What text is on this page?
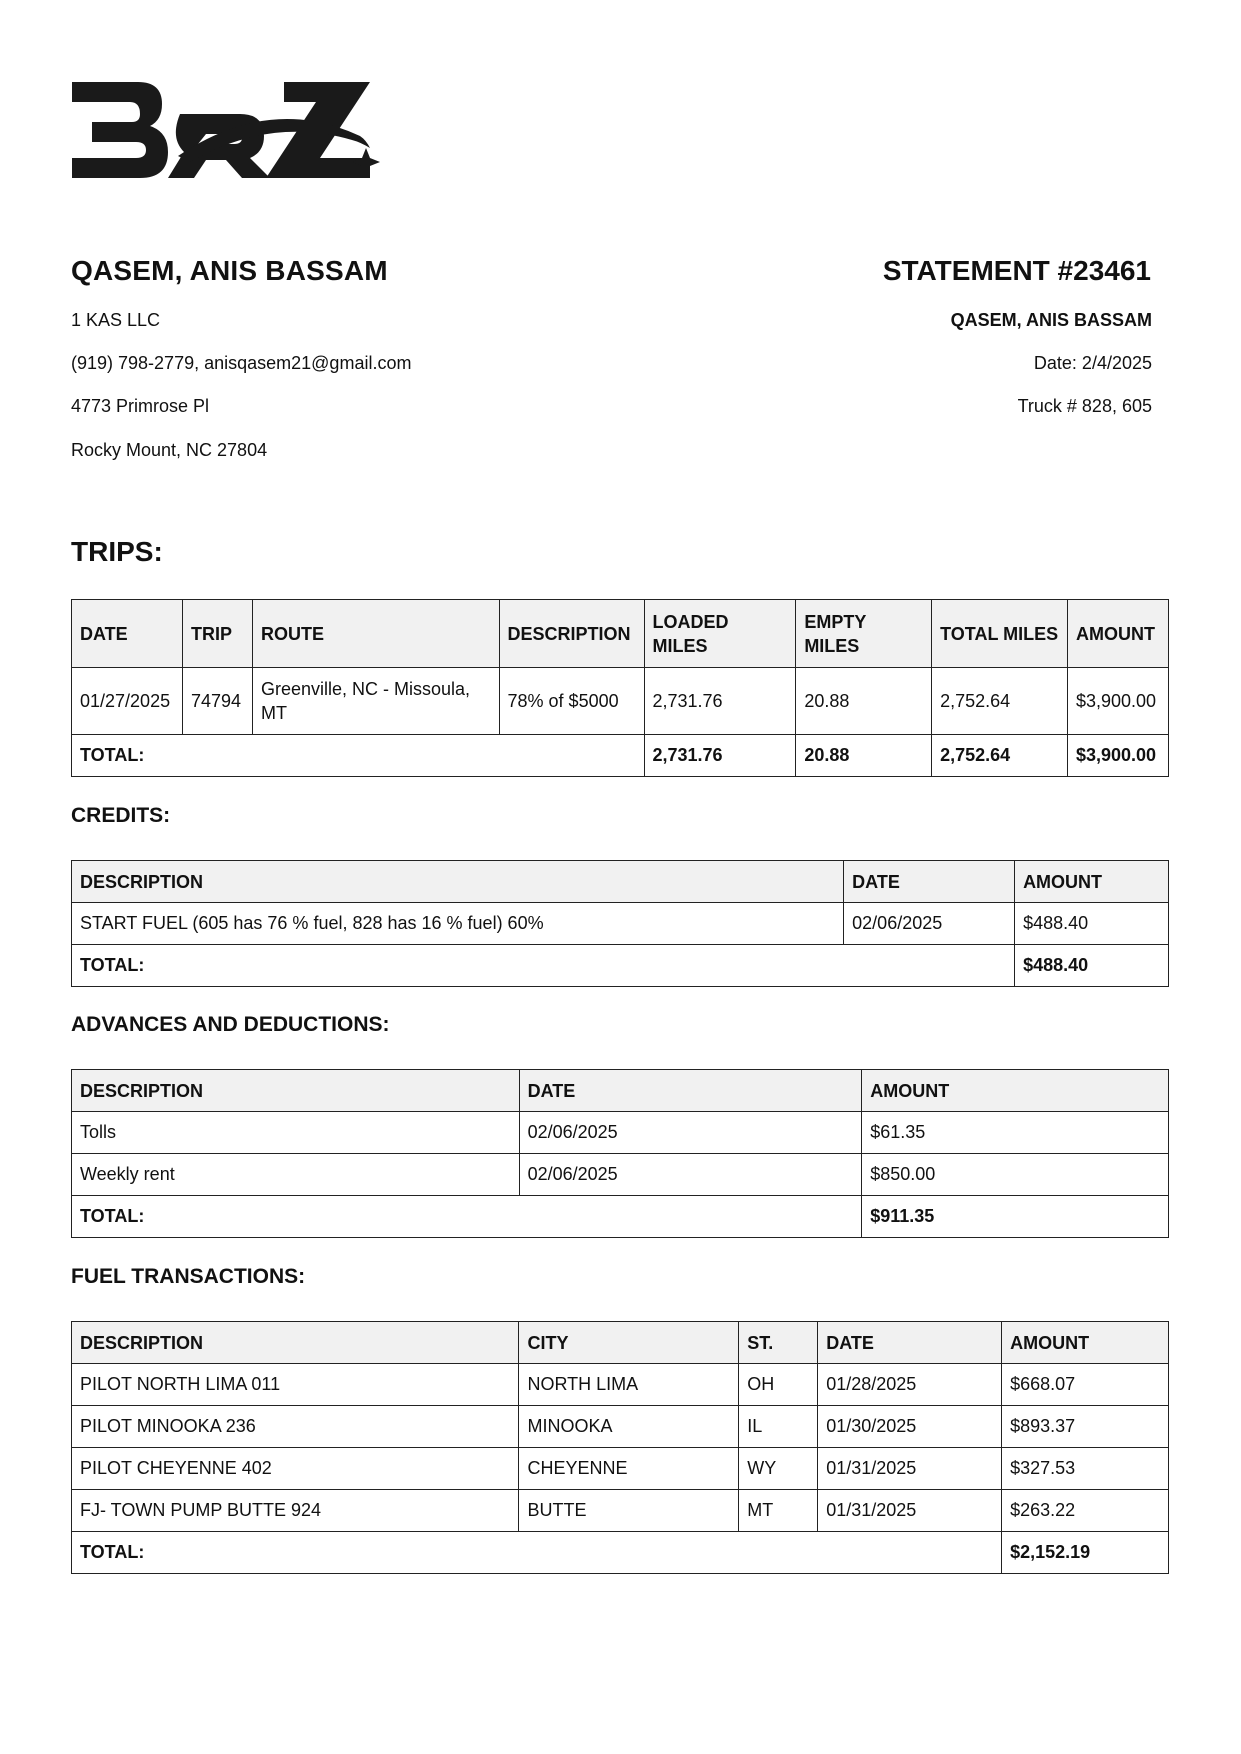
QASEM, ANIS BASSAM
1 KAS LLC
(919) 798-2779, anisqasem21@gmail.com
4773 Primrose Pl
Rocky Mount, NC 27804
STATEMENT #23461
QASEM, ANIS BASSAM
Date: 2/4/2025
Truck # 828, 605
TRIPS:
DATE	TRIP	ROUTE	DESCRIPTION	LOADED MILES	EMPTY MILES	TOTAL MILES	AMOUNT
01/27/2025	74794	Greenville, NC - Missoula, MT	78% of $5000	2,731.76	20.88	2,752.64	$3,900.00
TOTAL:				2,731.76	20.88	2,752.64	$3,900.00
CREDITS:
DESCRIPTION	DATE	AMOUNT
START FUEL (605 has 76 % fuel, 828 has 16 % fuel) 60%	02/06/2025	$488.40
TOTAL:		$488.40
ADVANCES AND DEDUCTIONS:
DESCRIPTION	DATE	AMOUNT
Tolls	02/06/2025	$61.35
Weekly rent	02/06/2025	$850.00
TOTAL:		$911.35
FUEL TRANSACTIONS:
DESCRIPTION	CITY	ST.	DATE	AMOUNT
PILOT NORTH LIMA 011	NORTH LIMA	OH	01/28/2025	$668.07
PILOT MINOOKA 236	MINOOKA	IL	01/30/2025	$893.37
PILOT CHEYENNE 402	CHEYENNE	WY	01/31/2025	$327.53
FJ- TOWN PUMP BUTTE 924	BUTTE	MT	01/31/2025	$263.22
TOTAL:				$2,152.19
